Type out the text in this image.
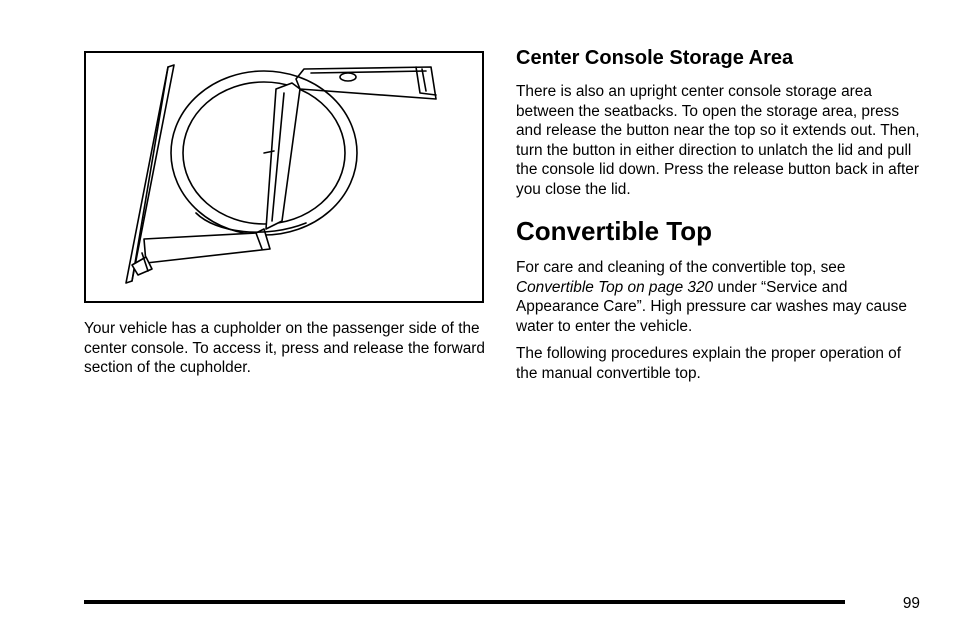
Your vehicle has a cupholder on the passenger side of the center console. To access it, press and release the forward section of the cupholder.

Center Console Storage Area

There is also an upright center console storage area between the seatbacks. To open the storage area, press and release the button near the top so it extends out. Then, turn the button in either direction to unlatch the lid and pull the console lid down. Press the release button back in after you close the lid.

Convertible Top

For care and cleaning of the convertible top, see Convertible Top on page 320 under “Service and Appearance Care”. High pressure car washes may cause water to enter the vehicle.

The following procedures explain the proper operation of the manual convertible top.

99
